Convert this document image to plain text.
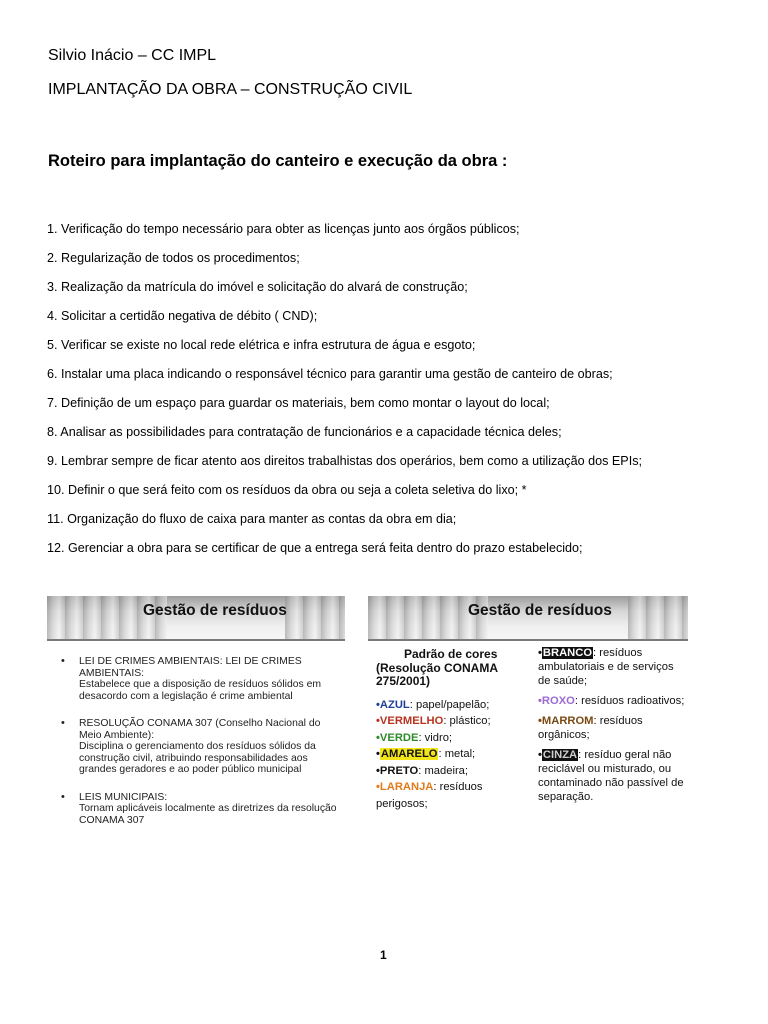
Silvio Inácio – CC IMPL
IMPLANTAÇÃO DA OBRA – CONSTRUÇÃO CIVIL
Roteiro para implantação do canteiro e execução da obra :
1. Verificação do tempo necessário para obter as licenças junto aos órgãos públicos;
2. Regularização de todos os procedimentos;
3. Realização da matrícula do imóvel e solicitação do alvará de construção;
4. Solicitar a certidão negativa de débito ( CND);
5. Verificar se existe no local rede elétrica e infra estrutura de água e esgoto;
6. Instalar uma placa indicando o responsável técnico para garantir uma gestão de canteiro de obras;
7. Definição de um espaço para guardar os materiais, bem como montar o layout do local;
8. Analisar as possibilidades para contratação de funcionários e a capacidade técnica deles;
9. Lembrar sempre de ficar atento aos direitos trabalhistas dos operários, bem como a utilização dos EPIs;
10. Definir o que será feito com os resíduos da obra ou seja a coleta seletiva do lixo; *
11. Organização do fluxo de caixa para manter as contas da obra em dia;
12. Gerenciar a obra para se certificar de que a entrega será feita dentro do prazo estabelecido;
Gestão de resíduos
• LEI DE CRIMES AMBIENTAIS: LEI DE CRIMES AMBIENTAIS:
Estabelece que a disposição de resíduos sólidos em desacordo com a legislação é crime ambiental
• RESOLUÇÃO CONAMA 307 (Conselho Nacional do Meio Ambiente):
Disciplina o gerenciamento dos resíduos sólidos da construção civil, atribuindo responsabilidades aos grandes geradores e ao poder público municipal
• LEIS MUNICIPAIS:
Tornam aplicáveis localmente as diretrizes da resolução CONAMA 307
Gestão de resíduos
Padrão de cores
(Resolução CONAMA 275/2001)
•AZUL: papel/papelão;
•VERMELHO: plástico;
•VERDE: vidro;
•AMARELO: metal;
•PRETO: madeira;
•LARANJA: resíduos perigosos;
•BRANCO: resíduos ambulatoriais e de serviços de saúde;
•ROXO: resíduos radioativos;
•MARROM: resíduos orgânicos;
•CINZA: resíduo geral não reciclável ou misturado, ou contaminado não passível de separação.
1
